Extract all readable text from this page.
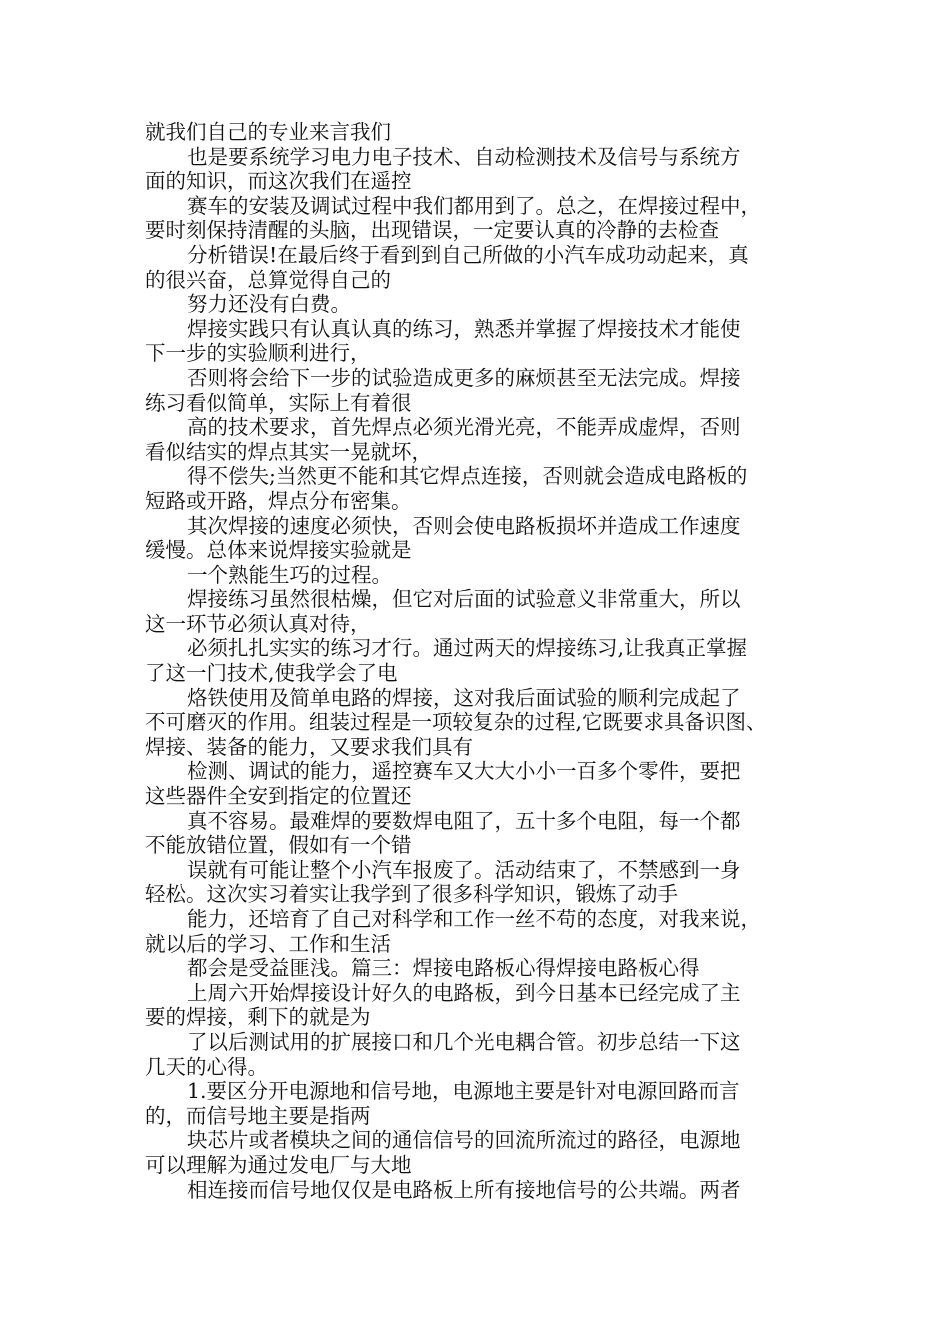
就我们自己的专业来言我们
也是要系统学习电力电子技术、自动检测技术及信号与系统方
面的知识，而这次我们在遥控
赛车的安装及调试过程中我们都用到了。总之，在焊接过程中，
要时刻保持清醒的头脑，出现错误，一定要认真的冷静的去检查
分析错误!在最后终于看到到自己所做的小汽车成功动起来，真
的很兴奋，总算觉得自己的
努力还没有白费。
焊接实践只有认真认真的练习，熟悉并掌握了焊接技术才能使
下一步的实验顺利进行，
否则将会给下一步的试验造成更多的麻烦甚至无法完成。焊接
练习看似简单，实际上有着很
高的技术要求，首先焊点必须光滑光亮，不能弄成虚焊，否则
看似结实的焊点其实一晃就坏，
得不偿失;当然更不能和其它焊点连接，否则就会造成电路板的
短路或开路，焊点分布密集。
其次焊接的速度必须快，否则会使电路板损坏并造成工作速度
缓慢。总体来说焊接实验就是
一个熟能生巧的过程。
焊接练习虽然很枯燥，但它对后面的试验意义非常重大，所以
这一环节必须认真对待，
必须扎扎实实的练习才行。通过两天的焊接练习,让我真正掌握
了这一门技术,使我学会了电
烙铁使用及简单电路的焊接，这对我后面试验的顺利完成起了
不可磨灭的作用。组装过程是一项较复杂的过程,它既要求具备识图、
焊接、装备的能力，又要求我们具有
检测、调试的能力，遥控赛车又大大小小一百多个零件，要把
这些器件全安到指定的位置还
真不容易。最难焊的要数焊电阻了，五十多个电阻，每一个都
不能放错位置，假如有一个错
误就有可能让整个小汽车报废了。活动结束了，不禁感到一身
轻松。这次实习着实让我学到了很多科学知识，锻炼了动手
能力，还培育了自己对科学和工作一丝不苟的态度，对我来说，
就以后的学习、工作和生活
都会是受益匪浅。篇三：焊接电路板心得焊接电路板心得
上周六开始焊接设计好久的电路板，到今日基本已经完成了主
要的焊接，剩下的就是为
了以后测试用的扩展接口和几个光电耦合管。初步总结一下这
几天的心得。
1.要区分开电源地和信号地，电源地主要是针对电源回路而言
的，而信号地主要是指两
块芯片或者模块之间的通信信号的回流所流过的路径，电源地
可以理解为通过发电厂与大地
相连接而信号地仅仅是电路板上所有接地信号的公共端。两者
